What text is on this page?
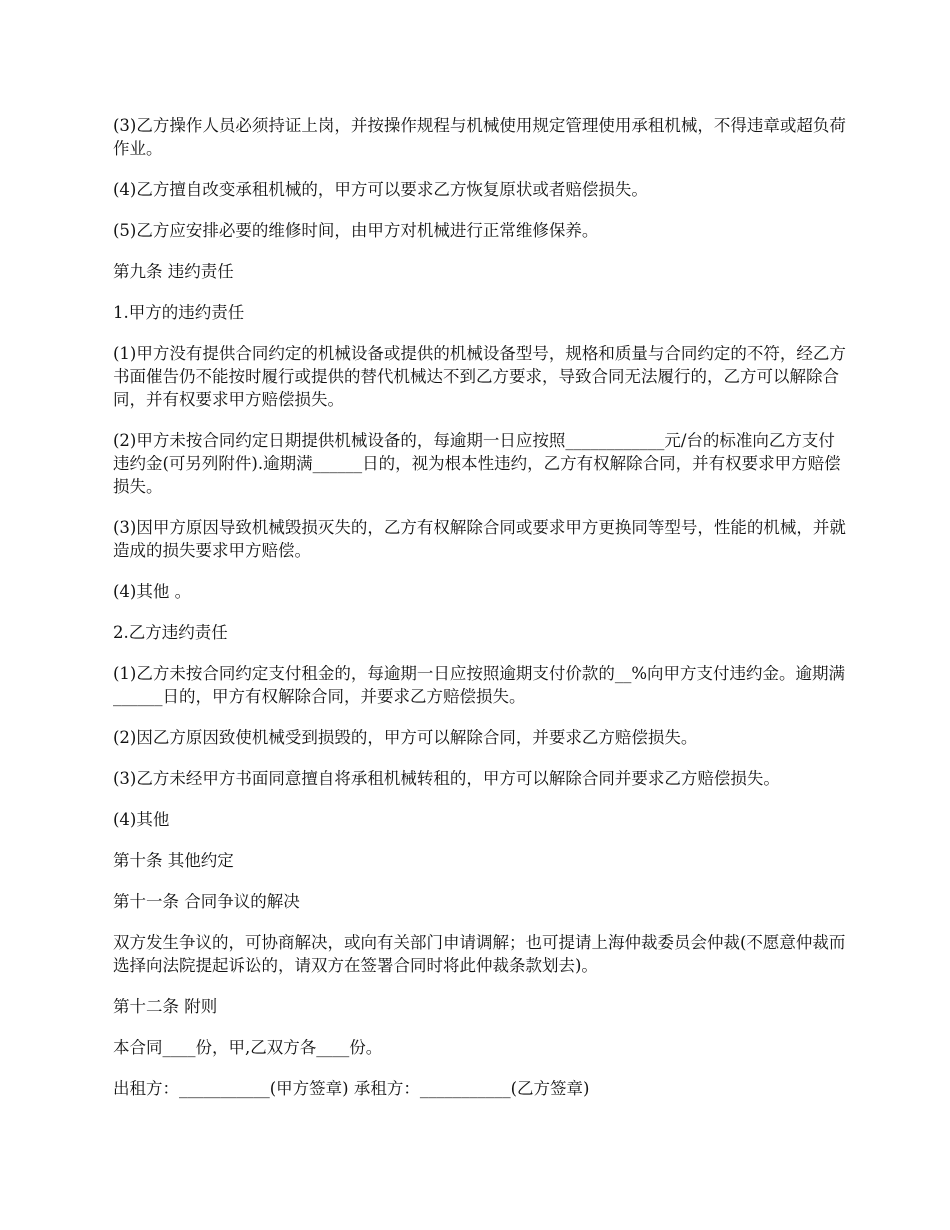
(3)乙方操作人员必须持证上岗，并按操作规程与机械使用规定管理使用承租机械，不得违章或超负荷作业。

(4)乙方擅自改变承租机械的，甲方可以要求乙方恢复原状或者赔偿损失。

(5)乙方应安排必要的维修时间，由甲方对机械进行正常维修保养。

第九条 违约责任

1.甲方的违约责任

(1)甲方没有提供合同约定的机械设备或提供的机械设备型号，规格和质量与合同约定的不符，经乙方书面催告仍不能按时履行或提供的替代机械达不到乙方要求，导致合同无法履行的，乙方可以解除合同，并有权要求甲方赔偿损失。

(2)甲方未按合同约定日期提供机械设备的，每逾期一日应按照____________元/台的标准向乙方支付违约金(可另列附件).逾期满______日的，视为根本性违约，乙方有权解除合同，并有权要求甲方赔偿损失。

(3)因甲方原因导致机械毁损灭失的，乙方有权解除合同或要求甲方更换同等型号，性能的机械，并就造成的损失要求甲方赔偿。

(4)其他 。

2.乙方违约责任

(1)乙方未按合同约定支付租金的，每逾期一日应按照逾期支付价款的__%向甲方支付违约金。逾期满______日的，甲方有权解除合同，并要求乙方赔偿损失。

(2)因乙方原因致使机械受到损毁的，甲方可以解除合同，并要求乙方赔偿损失。

(3)乙方未经甲方书面同意擅自将承租机械转租的，甲方可以解除合同并要求乙方赔偿损失。

(4)其他

第十条 其他约定

第十一条 合同争议的解决

双方发生争议的，可协商解决，或向有关部门申请调解；也可提请上海仲裁委员会仲裁(不愿意仲裁而选择向法院提起诉讼的，请双方在签署合同时将此仲裁条款划去)。

第十二条 附则

本合同____份，甲,乙双方各____份。

出租方：___________(甲方签章) 承租方：___________(乙方签章)
